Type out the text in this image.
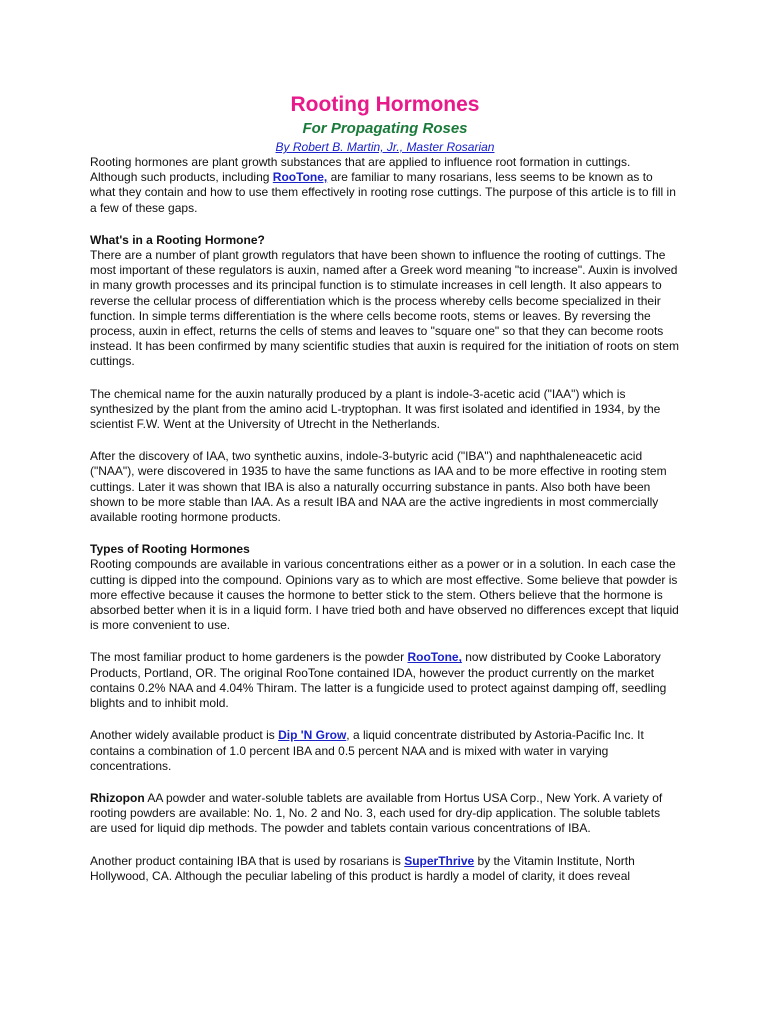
Rooting Hormones
For Propagating Roses
By Robert B. Martin, Jr., Master Rosarian

Rooting hormones are plant growth substances that are applied to influence root formation in cuttings. Although such products, including RooTone, are familiar to many rosarians, less seems to be known as to what they contain and how to use them effectively in rooting rose cuttings. The purpose of this article is to fill in a few of these gaps.

What's in a Rooting Hormone?
There are a number of plant growth regulators that have been shown to influence the rooting of cuttings. The most important of these regulators is auxin, named after a Greek word meaning "to increase". Auxin is involved in many growth processes and its principal function is to stimulate increases in cell length. It also appears to reverse the cellular process of differentiation which is the process whereby cells become specialized in their function. In simple terms differentiation is the where cells become roots, stems or leaves. By reversing the process, auxin in effect, returns the cells of stems and leaves to "square one" so that they can become roots instead. It has been confirmed by many scientific studies that auxin is required for the initiation of roots on stem cuttings.

The chemical name for the auxin naturally produced by a plant is indole-3-acetic acid ("IAA") which is synthesized by the plant from the amino acid L-tryptophan. It was first isolated and identified in 1934, by the scientist F.W. Went at the University of Utrecht in the Netherlands.

After the discovery of IAA, two synthetic auxins, indole-3-butyric acid ("IBA") and naphthaleneacetic acid ("NAA"), were discovered in 1935 to have the same functions as IAA and to be more effective in rooting stem cuttings. Later it was shown that IBA is also a naturally occurring substance in pants. Also both have been shown to be more stable than IAA. As a result IBA and NAA are the active ingredients in most commercially available rooting hormone products.

Types of Rooting Hormones
Rooting compounds are available in various concentrations either as a power or in a solution. In each case the cutting is dipped into the compound. Opinions vary as to which are most effective. Some believe that powder is more effective because it causes the hormone to better stick to the stem. Others believe that the hormone is absorbed better when it is in a liquid form. I have tried both and have observed no differences except that liquid is more convenient to use.

The most familiar product to home gardeners is the powder RooTone, now distributed by Cooke Laboratory Products, Portland, OR. The original RooTone contained IDA, however the product currently on the market contains 0.2% NAA and 4.04% Thiram. The latter is a fungicide used to protect against damping off, seedling blights and to inhibit mold.

Another widely available product is Dip 'N Grow, a liquid concentrate distributed by Astoria-Pacific Inc. It contains a combination of 1.0 percent IBA and 0.5 percent NAA and is mixed with water in varying concentrations.

Rhizopon AA powder and water-soluble tablets are available from Hortus USA Corp., New York. A variety of rooting powders are available: No. 1, No. 2 and No. 3, each used for dry-dip application. The soluble tablets are used for liquid dip methods. The powder and tablets contain various concentrations of IBA.

Another product containing IBA that is used by rosarians is SuperThrive by the Vitamin Institute, North Hollywood, CA. Although the peculiar labeling of this product is hardly a model of clarity, it does reveal
